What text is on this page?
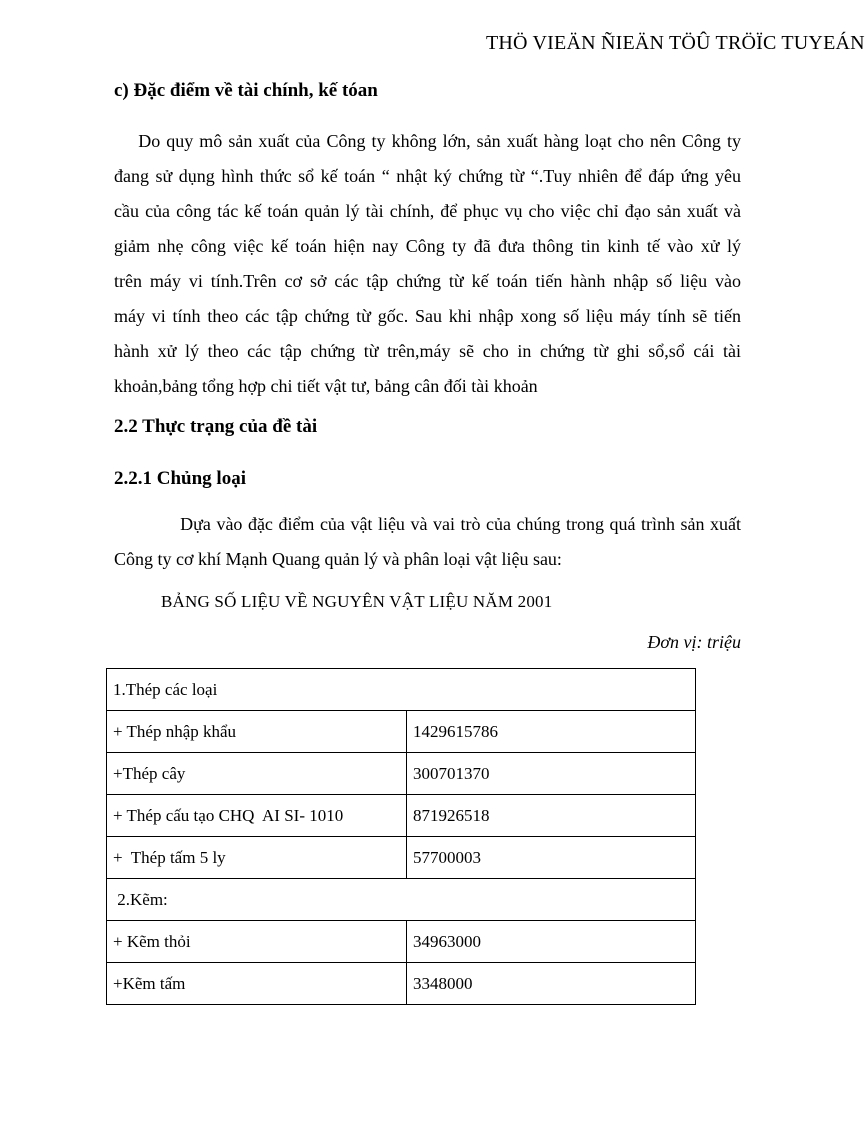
THÖ VIEÄN ÑIEÄN TÖÛ TRÖÏC TUYEÁN
c) Đặc điểm về tài chính, kế tóan
Do quy mô sản xuất của Công ty không lớn, sản xuất hàng loạt cho nên Công ty
đang sử dụng hình thức sổ kế toán “ nhật ký chứng từ “.Tuy nhiên để đáp ứng yêu
cầu của công tác kế toán quản lý tài chính, để phục vụ cho việc chỉ đạo sản xuất và
giảm nhẹ công việc kế toán hiện nay Công ty đã đưa thông tin kinh tế vào xử lý
trên máy vi tính.Trên cơ sở các tập chứng từ kế toán tiến hành nhập số liệu vào
máy vi tính theo các tập chứng từ gốc. Sau khi nhập xong số liệu máy tính sẽ tiến
hành xử lý theo các tập chứng từ trên,máy sẽ cho in chứng từ ghi sổ,sổ cái tài
khoản,bảng tổng hợp chi tiết vật tư, bảng cân đối tài khoản
2.2 Thực trạng của đề tài
2.2.1 Chủng loại
Dựa vào đặc điểm của vật liệu và vai trò của chúng trong quá trình sản xuất
Công ty cơ khí Mạnh Quang quản lý và phân loại vật liệu sau:
BẢNG SỐ LIỆU VỀ NGUYÊN VẬT LIỆU NĂM 2001
Đơn vị: triệu
1.Thép các loại	
+ Thép nhập khẩu	1429615786
+Thép cây	300701370
+ Thép cấu tạo CHQ  AI SI- 1010	871926518
+  Thép tấm 5 ly	57700003
2.Kẽm:	
+ Kẽm thỏi	34963000
+Kẽm tấm	3348000
